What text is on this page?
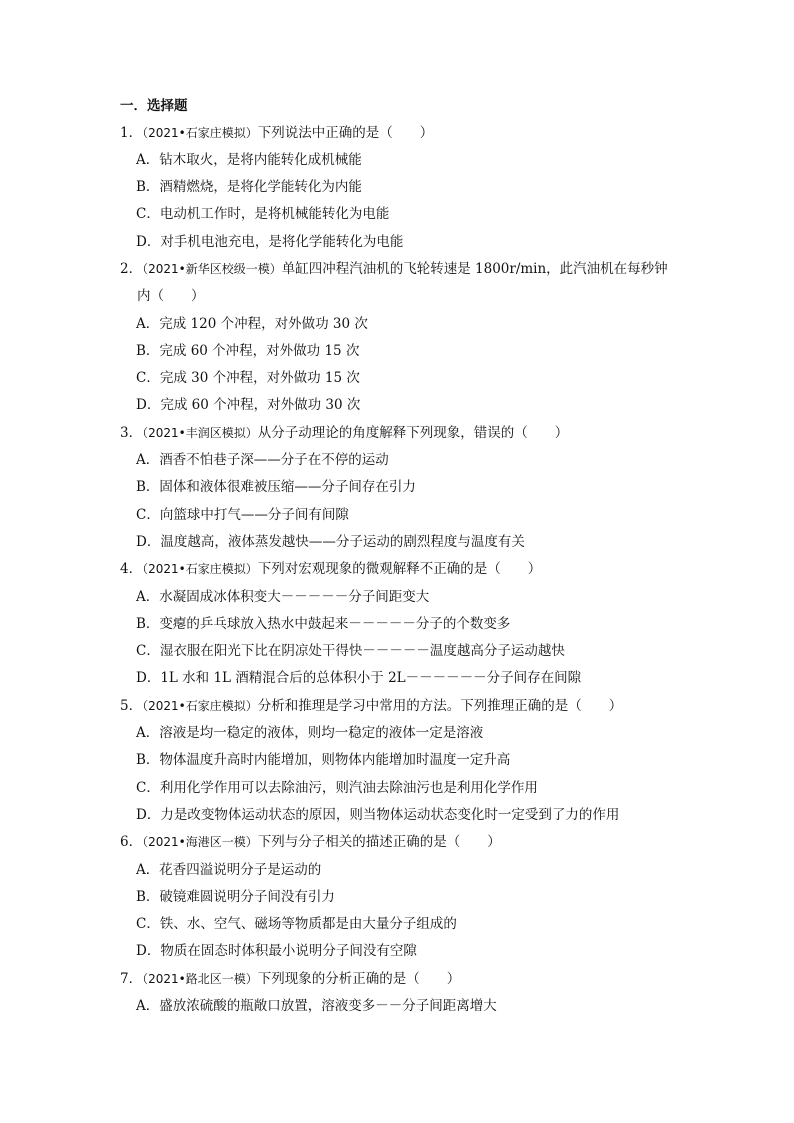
一．选择题
1．（2021•石家庄模拟）下列说法中正确的是（　　）
A．钻木取火，是将内能转化成机械能
B．酒精燃烧，是将化学能转化为内能
C．电动机工作时，是将机械能转化为电能
D．对手机电池充电，是将化学能转化为电能
2．（2021•新华区校级一模）单缸四冲程汽油机的飞轮转速是 1800r/min，此汽油机在每秒钟
内（　　）
A．完成 120 个冲程，对外做功 30 次
B．完成 60 个冲程，对外做功 15 次
C．完成 30 个冲程，对外做功 15 次
D．完成 60 个冲程，对外做功 30 次
3．（2021•丰润区模拟）从分子动理论的角度解释下列现象，错误的（　　）
A．酒香不怕巷子深——分子在不停的运动
B．固体和液体很难被压缩——分子间存在引力
C．向篮球中打气——分子间有间隙
D．温度越高，液体蒸发越快——分子运动的剧烈程度与温度有关
4．（2021•石家庄模拟）下列对宏观现象的微观解释不正确的是（　　）
A．水凝固成冰体积变大－－－－－分子间距变大
B．变瘪的乒乓球放入热水中鼓起来－－－－－分子的个数变多
C．湿衣服在阳光下比在阴凉处干得快－－－－－温度越高分子运动越快
D．1L 水和 1L 酒精混合后的总体积小于 2L－－－－－－分子间存在间隙
5．（2021•石家庄模拟）分析和推理是学习中常用的方法。下列推理正确的是（　　）
A．溶液是均一稳定的液体，则均一稳定的液体一定是溶液
B．物体温度升高时内能增加，则物体内能增加时温度一定升高
C．利用化学作用可以去除油污，则汽油去除油污也是利用化学作用
D．力是改变物体运动状态的原因，则当物体运动状态变化时一定受到了力的作用
6．（2021•海港区一模）下列与分子相关的描述正确的是（　　）
A．花香四溢说明分子是运动的
B．破镜难圆说明分子间没有引力
C．铁、水、空气、磁场等物质都是由大量分子组成的
D．物质在固态时体积最小说明分子间没有空隙
7．（2021•路北区一模）下列现象的分析正确的是（　　）
A．盛放浓硫酸的瓶敞口放置，溶液变多－－分子间距离增大
